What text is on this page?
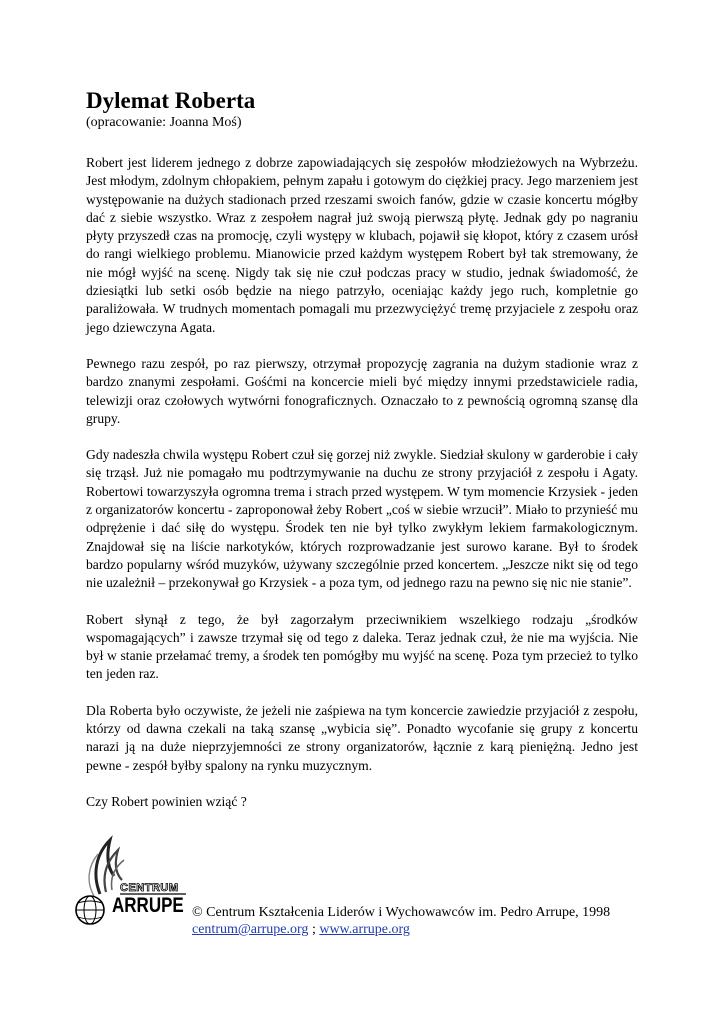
Dylemat Roberta
(opracowanie: Joanna Moś)

Robert jest liderem jednego z dobrze zapowiadających się zespołów młodzieżowych na Wybrzeżu. Jest młodym, zdolnym chłopakiem, pełnym zapału i gotowym do ciężkiej pracy. Jego marzeniem jest występowanie na dużych stadionach przed rzeszami swoich fanów, gdzie w czasie koncertu mógłby dać z siebie wszystko. Wraz z zespołem nagrał już swoją pierwszą płytę. Jednak gdy po nagraniu płyty przyszedł czas na promocję, czyli występy w klubach, pojawił się kłopot, który z czasem urósł do rangi wielkiego problemu. Mianowicie przed każdym występem Robert był tak stremowany, że nie mógł wyjść na scenę. Nigdy tak się nie czuł podczas pracy w studio, jednak świadomość, że dziesiątki lub setki osób będzie na niego patrzyło, oceniając każdy jego ruch, kompletnie go paraliżowała. W trudnych momentach pomagali mu przezwyciężyć tremę przyjaciele z zespołu oraz jego dziewczyna Agata.

Pewnego razu zespół, po raz pierwszy, otrzymał propozycję zagrania na dużym stadionie wraz z bardzo znanymi zespołami. Gośćmi na koncercie mieli być między innymi przedstawiciele radia, telewizji oraz czołowych wytwórni fonograficznych. Oznaczało to z pewnością ogromną szansę dla grupy.

Gdy nadeszła chwila występu Robert czuł się gorzej niż zwykle. Siedział skulony w garderobie i cały się trząsł. Już nie pomagało mu podtrzymywanie na duchu ze strony przyjaciół z zespołu i Agaty. Robertowi towarzyszyła ogromna trema i strach przed występem. W tym momencie Krzysiek - jeden z organizatorów koncertu - zaproponował żeby Robert „coś w siebie wrzucił”. Miało to przynieść mu odprężenie i dać siłę do występu. Środek ten nie był tylko zwykłym lekiem farmakologicznym. Znajdował się na liście narkotyków, których rozprowadzanie jest surowo karane. Był to środek bardzo popularny wśród muzyków, używany szczególnie przed koncertem. „Jeszcze nikt się od tego nie uzależnił – przekonywał go Krzysiek - a poza tym, od jednego razu na pewno się nic nie stanie”.

Robert słynął z tego, że był zagorzałym przeciwnikiem wszelkiego rodzaju „środków wspomagających” i zawsze trzymał się od tego z daleka. Teraz jednak czuł, że nie ma wyjścia. Nie był w stanie przełamać tremy, a środek ten pomógłby mu wyjść na scenę. Poza tym przecież to tylko ten jeden raz.

Dla Roberta było oczywiste, że jeżeli nie zaśpiewa na tym koncercie zawiedzie przyjaciół z zespołu, którzy od dawna czekali na taką szansę „wybicia się”. Ponadto wycofanie się grupy z koncertu narazi ją na duże nieprzyjemności ze strony organizatorów, łącznie z karą pieniężną. Jedno jest pewne - zespół byłby spalony na rynku muzycznym.

Czy Robert powinien wziąć ?

CENTRUM
ARRUPE © Centrum Kształcenia Liderów i Wychowawców im. Pedro Arrupe, 1998
centrum@arrupe.org ; www.arrupe.org
